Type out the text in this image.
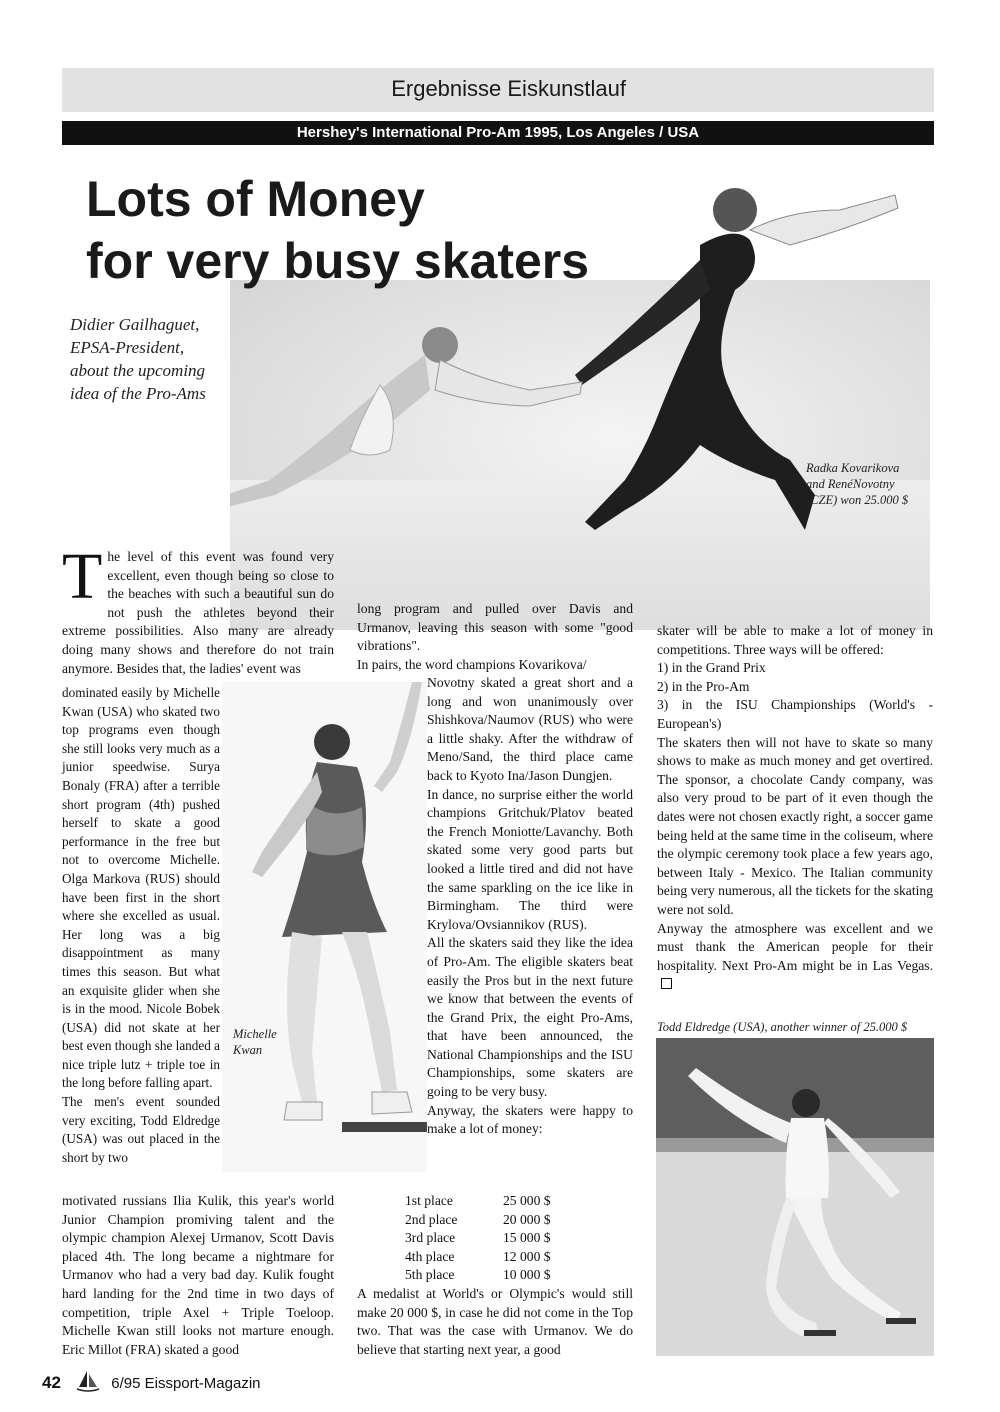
Ergebnisse Eiskunstlauf
Hershey's International Pro-Am 1995, Los Angeles / USA
Lots of Money
for very busy skaters
Didier Gailhaguet,
EPSA-President,
about the upcoming
idea of the Pro-Ams
Radka Kovarikova
and RenéNovotny
(CZE) won 25.000 $

The level of this event was found very excellent, even though being so close to the beaches with such a beautiful sun do not push the athletes beyond their extreme possibilities. Also many are already doing many shows and therefore do not train anymore. Besides that, the ladies' event was

dominated easily by Michelle Kwan (USA) who skated two top programs even though she still looks very much as a junior speedwise. Surya Bonaly (FRA) after a terrible short program (4th) pushed herself to skate a good performance in the free but not to overcome Michelle. Olga Markova (RUS) should have been first in the short where she excelled as usual. Her long was a big disappointment as many times this season. But what an exquisite glider when she is in the mood. Nicole Bobek (USA) did not skate at her best even though she landed a nice triple lutz + triple toe in the long before falling apart.

The men's event sounded very exciting, Todd Eldredge (USA) was out placed in the short by two

motivated russians Ilia Kulik, this year's world Junior Champion promiving talent and the olympic champion Alexej Urmanov, Scott Davis placed 4th. The long became a nightmare for Urmanov who had a very bad day. Kulik fought hard landing for the 2nd time in two days of competition, triple Axel + Triple Toeloop. Michelle Kwan still looks not marture enough. Eric Millot (FRA) skated a good

Michelle
Kwan

long program and pulled over Davis and Urmanov, leaving this season with some "good vibrations".

In pairs, the word champions Kovarikova/

Novotny skated a great short and a long and won unanimously over Shishkova/Naumov (RUS) who were a little shaky. After the withdraw of Meno/Sand, the third place came back to Kyoto Ina/Jason Dungjen.

In dance, no surprise either the world champions Gritchuk/Platov beated the French Moniotte/Lavanchy. Both skated some very good parts but looked a little tired and did not have the same sparkling on the ice like in Birmingham. The third were Krylova/Ovsiannikov (RUS).

All the skaters said they like the idea of Pro-Am. The eligible skaters beat easily the Pros but in the next future we know that between the events of the Grand Prix, the eight Pro-Ams, that have been announced, the National Championships and the ISU Championships, some skaters are going to be very busy.

Anyway, the skaters were happy to make a lot of money:

1st place	25 000 $
2nd place	20 000 $
3rd place	15 000 $
4th place	12 000 $
5th place	10 000 $

A medalist at World's or Olympic's would still make 20 000 $, in case he did not come in the Top two. That was the case with Urmanov. We do believe that starting next year, a good

skater will be able to make a lot of money in competitions. Three ways will be offered:

1) in the Grand Prix

2) in the Pro-Am

3) in the ISU Championships (World's - European's)

The skaters then will not have to skate so many shows to make as much money and get overtired. The sponsor, a chocolate Candy company, was also very proud to be part of it even though the dates were not chosen exactly right, a soccer game being held at the same time in the coliseum, where the olympic ceremony took place a few years ago, between Italy - Mexico. The Italian community being very numerous, all the tickets for the skating were not sold.

Anyway the atmosphere was excellent and we must thank the American people for their hospitality. Next Pro-Am might be in Las Vegas.

Todd Eldredge (USA), another winner of 25.000 $
42	6/95 Eissport-Magazin
